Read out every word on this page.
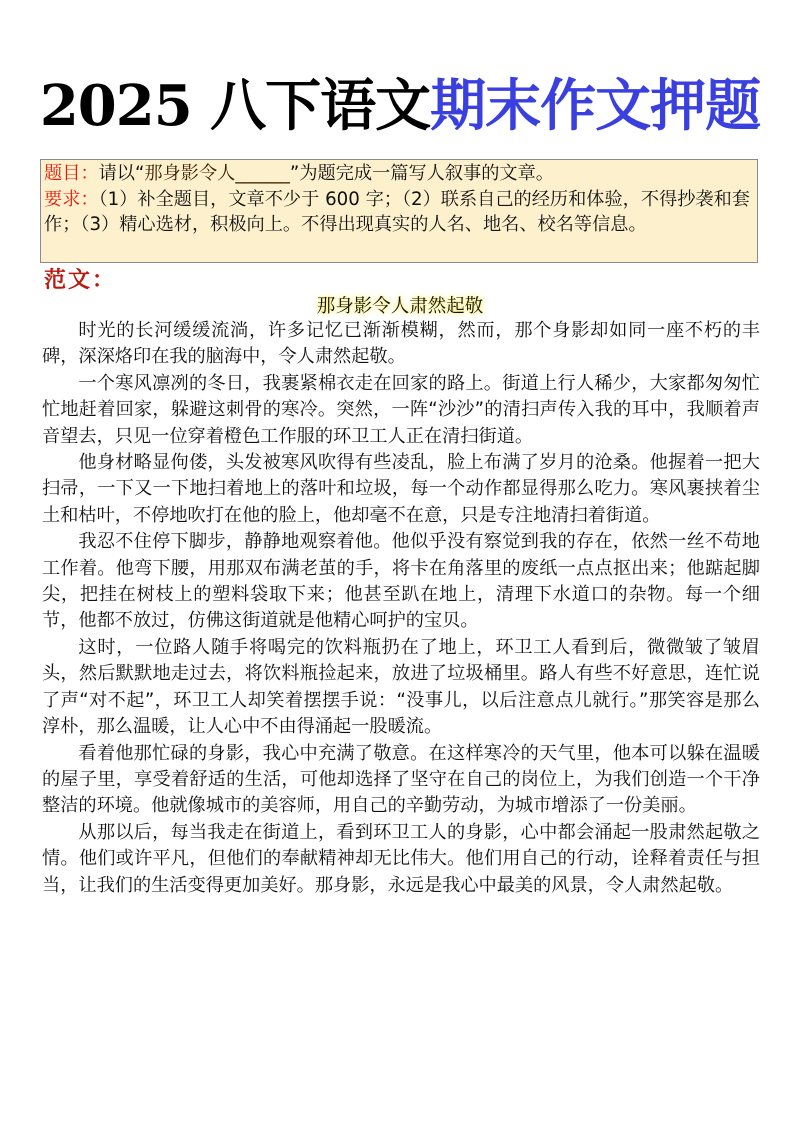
2025 八下语文期末作文押题
题目：请以“那身影令人______”为题完成一篇写人叙事的文章。
要求：（1）补全题目，文章不少于 600 字；（2）联系自己的经历和体验，不得抄袭和套作；（3）精心选材，积极向上。不得出现真实的人名、地名、校名等信息。
范文：
那身影令人肃然起敬

时光的长河缓缓流淌，许多记忆已渐渐模糊，然而，那个身影却如同一座不朽的丰碑，深深烙印在我的脑海中，令人肃然起敬。

一个寒风凛冽的冬日，我裹紧棉衣走在回家的路上。街道上行人稀少，大家都匆匆忙忙地赶着回家，躲避这刺骨的寒冷。突然，一阵“沙沙”的清扫声传入我的耳中，我顺着声音望去，只见一位穿着橙色工作服的环卫工人正在清扫街道。

他身材略显佝偻，头发被寒风吹得有些凌乱，脸上布满了岁月的沧桑。他握着一把大扫帚，一下又一下地扫着地上的落叶和垃圾，每一个动作都显得那么吃力。寒风裹挟着尘土和枯叶，不停地吹打在他的脸上，他却毫不在意，只是专注地清扫着街道。

我忍不住停下脚步，静静地观察着他。他似乎没有察觉到我的存在，依然一丝不苟地工作着。他弯下腰，用那双布满老茧的手，将卡在角落里的废纸一点点抠出来；他踮起脚尖，把挂在树枝上的塑料袋取下来；他甚至趴在地上，清理下水道口的杂物。每一个细节，他都不放过，仿佛这街道就是他精心呵护的宝贝。

这时，一位路人随手将喝完的饮料瓶扔在了地上，环卫工人看到后，微微皱了皱眉头，然后默默地走过去，将饮料瓶捡起来，放进了垃圾桶里。路人有些不好意思，连忙说了声“对不起”，环卫工人却笑着摆摆手说：“没事儿，以后注意点儿就行。”那笑容是那么淳朴，那么温暖，让人心中不由得涌起一股暖流。

看着他那忙碌的身影，我心中充满了敬意。在这样寒冷的天气里，他本可以躲在温暖的屋子里，享受着舒适的生活，可他却选择了坚守在自己的岗位上，为我们创造一个干净整洁的环境。他就像城市的美容师，用自己的辛勤劳动，为城市增添了一份美丽。

从那以后，每当我走在街道上，看到环卫工人的身影，心中都会涌起一股肃然起敬之情。他们或许平凡，但他们的奉献精神却无比伟大。他们用自己的行动，诠释着责任与担当，让我们的生活变得更加美好。那身影，永远是我心中最美的风景，令人肃然起敬。
